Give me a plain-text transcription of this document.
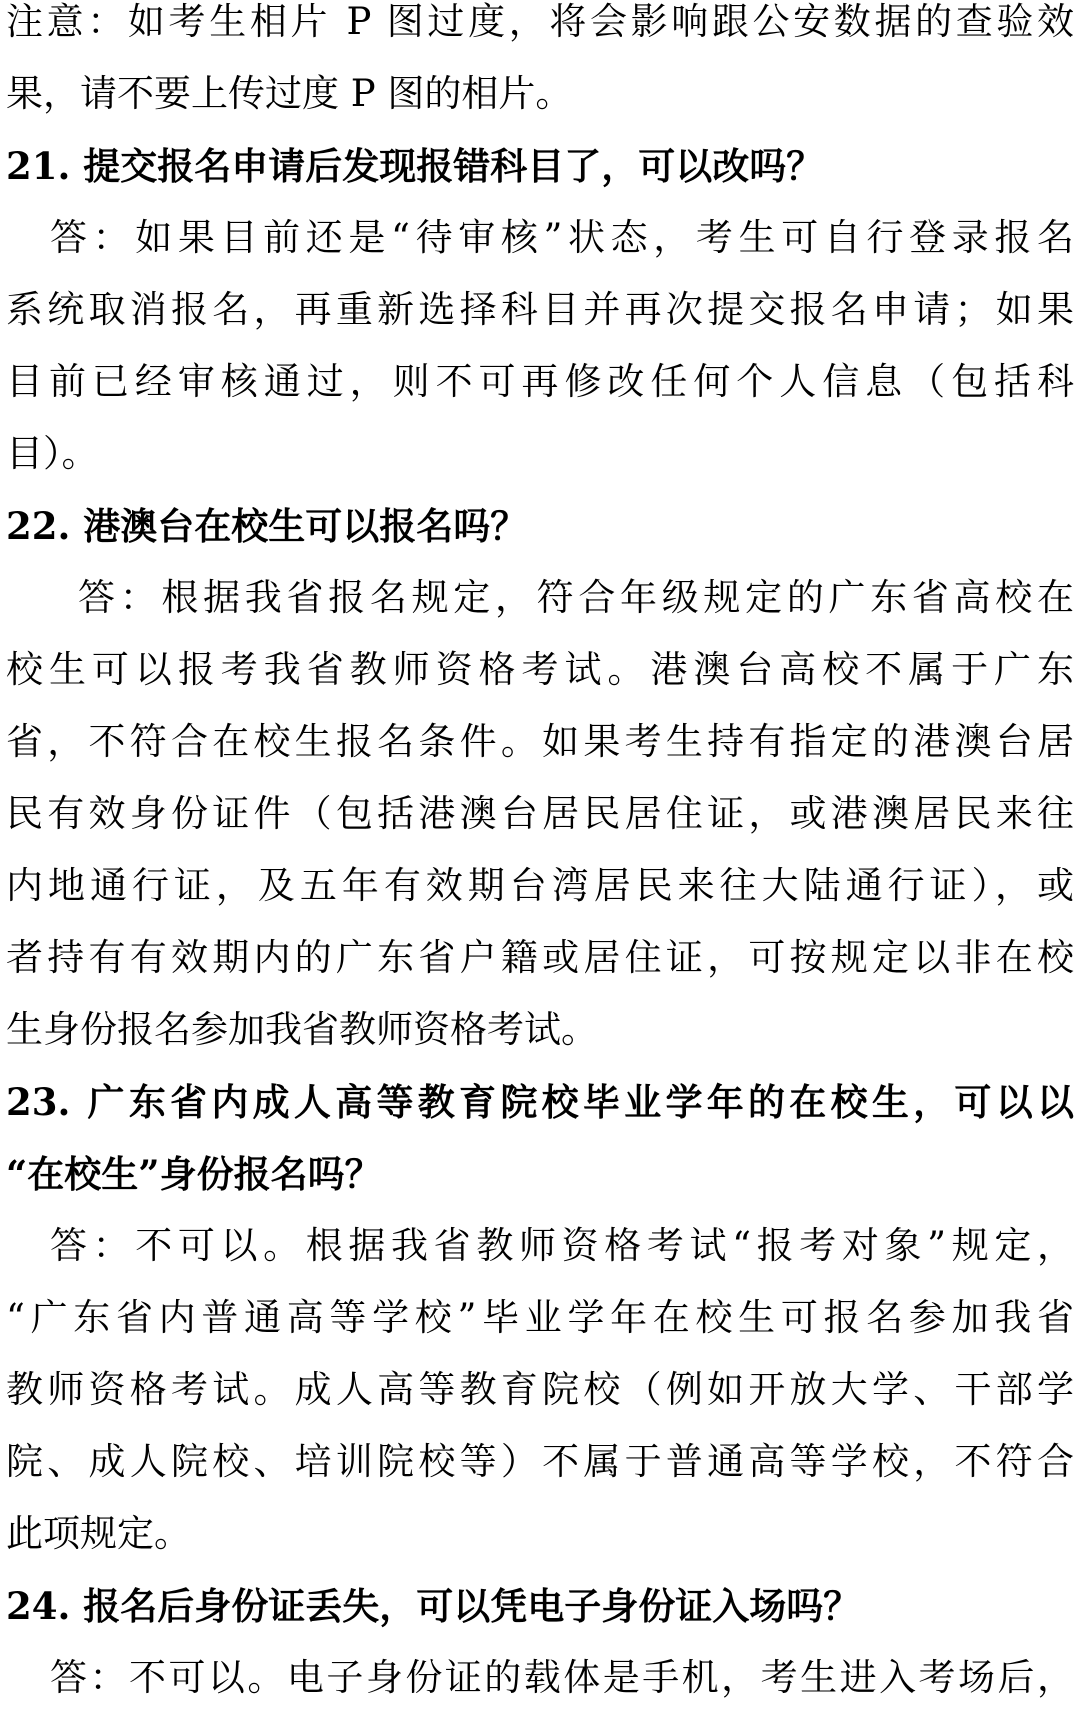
注意：如考生相片 P 图过度，将会影响跟公安数据的查验效
果，请不要上传过度 P 图的相片。
21. 提交报名申请后发现报错科目了，可以改吗？
答：如果目前还是“待审核”状态，考生可自行登录报名
系统取消报名，再重新选择科目并再次提交报名申请；如果
目前已经审核通过，则不可再修改任何个人信息（包括科
目）。
22. 港澳台在校生可以报名吗？
答：根据我省报名规定，符合年级规定的广东省高校在
校生可以报考我省教师资格考试。港澳台高校不属于广东
省，不符合在校生报名条件。如果考生持有指定的港澳台居
民有效身份证件（包括港澳台居民居住证，或港澳居民来往
内地通行证，及五年有效期台湾居民来往大陆通行证），或
者持有有效期内的广东省户籍或居住证，可按规定以非在校
生身份报名参加我省教师资格考试。
23. 广东省内成人高等教育院校毕业学年的在校生，可以以
“在校生”身份报名吗？
答：不可以。根据我省教师资格考试“报考对象”规定，
“广东省内普通高等学校”毕业学年在校生可报名参加我省
教师资格考试。成人高等教育院校（例如开放大学、干部学
院、成人院校、培训院校等）不属于普通高等学校，不符合
此项规定。
24. 报名后身份证丢失，可以凭电子身份证入场吗？
答：不可以。电子身份证的载体是手机，考生进入考场后，
